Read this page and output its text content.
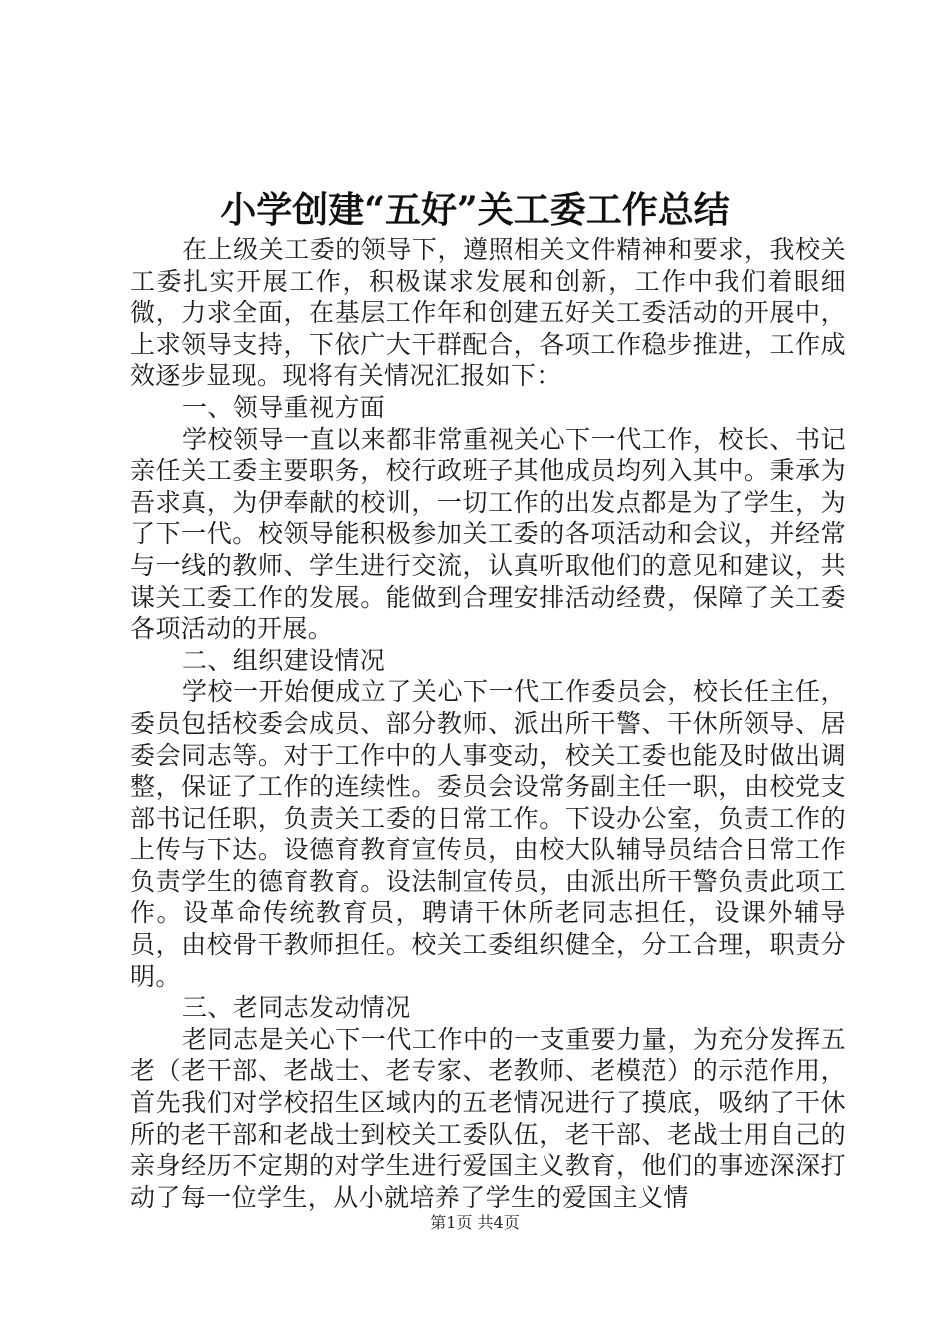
小学创建“五好”关工委工作总结

在上级关工委的领导下，遵照相关文件精神和要求，我校关工委扎实开展工作，积极谋求发展和创新，工作中我们着眼细微，力求全面，在基层工作年和创建五好关工委活动的开展中，上求领导支持，下依广大干群配合，各项工作稳步推进，工作成效逐步显现。现将有关情况汇报如下：

一、领导重视方面

学校领导一直以来都非常重视关心下一代工作，校长、书记亲任关工委主要职务，校行政班子其他成员均列入其中。秉承为吾求真，为伊奉献的校训，一切工作的出发点都是为了学生，为了下一代。校领导能积极参加关工委的各项活动和会议，并经常与一线的教师、学生进行交流，认真听取他们的意见和建议，共谋关工委工作的发展。能做到合理安排活动经费，保障了关工委各项活动的开展。

二、组织建设情况

学校一开始便成立了关心下一代工作委员会，校长任主任，委员包括校委会成员、部分教师、派出所干警、干休所领导、居委会同志等。对于工作中的人事变动，校关工委也能及时做出调整，保证了工作的连续性。委员会设常务副主任一职，由校党支部书记任职，负责关工委的日常工作。下设办公室，负责工作的上传与下达。设德育教育宣传员，由校大队辅导员结合日常工作负责学生的德育教育。设法制宣传员，由派出所干警负责此项工作。设革命传统教育员，聘请干休所老同志担任，设课外辅导员，由校骨干教师担任。校关工委组织健全，分工合理，职责分明。

三、老同志发动情况

老同志是关心下一代工作中的一支重要力量，为充分发挥五老（老干部、老战士、老专家、老教师、老模范）的示范作用，首先我们对学校招生区域内的五老情况进行了摸底，吸纳了干休所的老干部和老战士到校关工委队伍，老干部、老战士用自己的亲身经历不定期的对学生进行爱国主义教育，他们的事迹深深打动了每一位学生，从小就培养了学生的爱国主义情

第1页 共4页
